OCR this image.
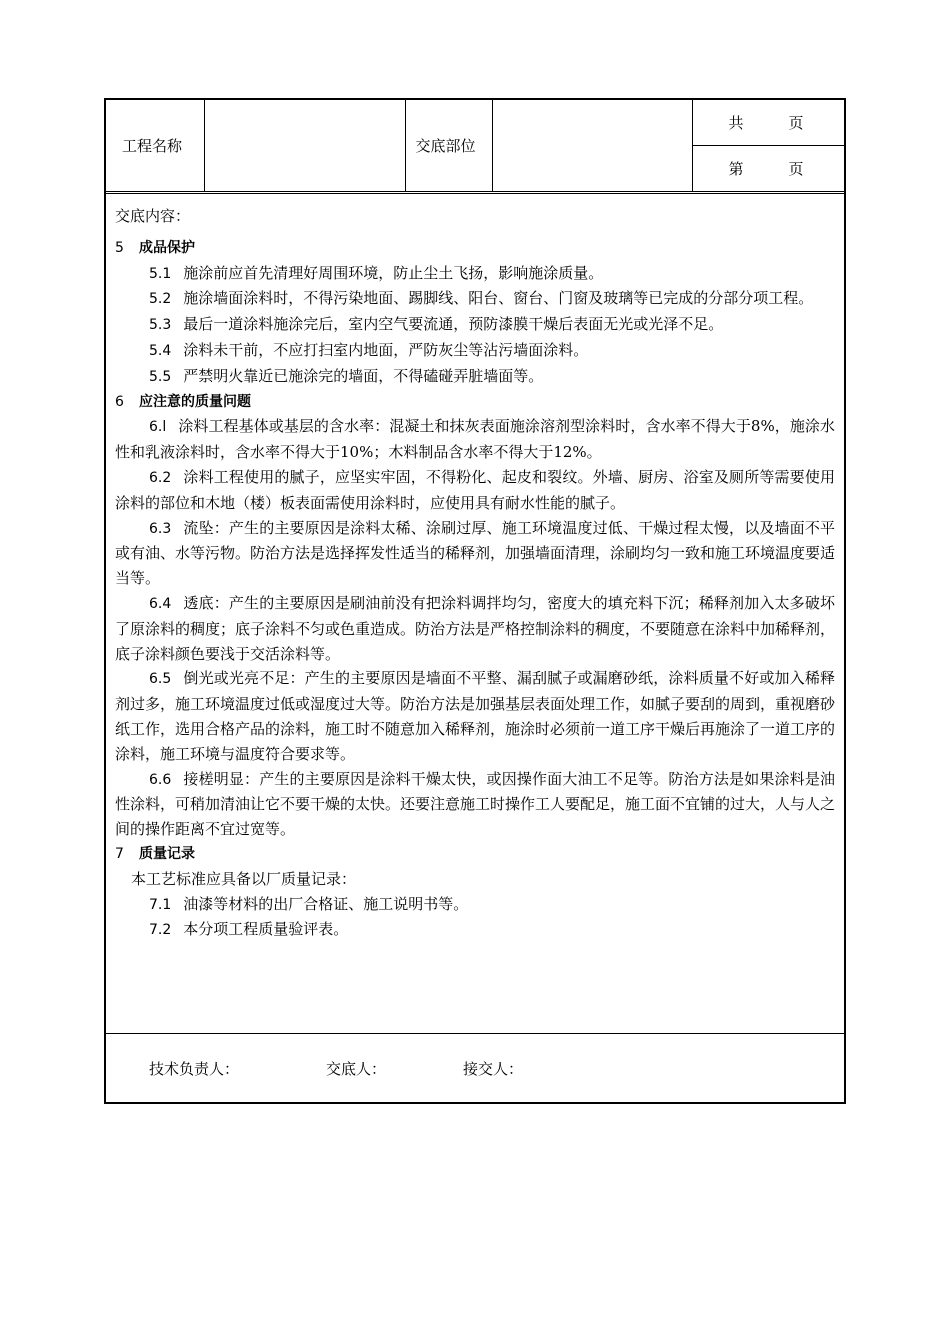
工程名称		交底部位		共　　　页
第　　　页

交底内容：

5 成品保护

5.1 施涂前应首先清理好周围环境，防止尘土飞扬，影响施涂质量。

5.2 施涂墙面涂料时，不得污染地面、踢脚线、阳台、窗台、门窗及玻璃等已完成的分部分项工程。

5.3 最后一道涂料施涂完后，室内空气要流通，预防漆膜干燥后表面无光或光泽不足。

5.4 涂料未干前，不应打扫室内地面，严防灰尘等沾污墙面涂料。

5.5 严禁明火靠近已施涂完的墙面，不得磕碰弄脏墙面等。

6 应注意的质量问题

6.l 涂料工程基体或基层的含水率：混凝土和抹灰表面施涂溶剂型涂料时，含水率不得大于8%，施涂水性和乳液涂料时，含水率不得大于10%；木料制品含水率不得大于12%。

6.2 涂料工程使用的腻子，应坚实牢固，不得粉化、起皮和裂纹。外墙、厨房、浴室及厕所等需要使用涂料的部位和木地（楼）板表面需使用涂料时，应使用具有耐水性能的腻子。

6.3 流坠：产生的主要原因是涂料太稀、涂刷过厚、施工环境温度过低、干燥过程太慢，以及墙面不平或有油、水等污物。防治方法是选择挥发性适当的稀释剂，加强墙面清理，涂刷均匀一致和施工环境温度要适当等。

6.4 透底：产生的主要原因是刷油前没有把涂料调拌均匀，密度大的填充料下沉；稀释剂加入太多破坏了原涂料的稠度；底子涂料不匀或色重造成。防治方法是严格控制涂料的稠度，不要随意在涂料中加稀释剂，底子涂料颜色要浅于交活涂料等。

6.5 倒光或光亮不足：产生的主要原因是墙面不平整、漏刮腻子或漏磨砂纸，涂料质量不好或加入稀释剂过多，施工环境温度过低或湿度过大等。防治方法是加强基层表面处理工作，如腻子要刮的周到，重视磨砂纸工作，选用合格产品的涂料，施工时不随意加入稀释剂，施涂时必须前一道工序干燥后再施涂了一道工序的涂料，施工环境与温度符合要求等。

6.6 接槎明显：产生的主要原因是涂料干燥太快，或因操作面大油工不足等。防治方法是如果涂料是油性涂料，可稍加清油让它不要干燥的太快。还要注意施工时操作工人要配足，施工面不宜铺的过大，人与人之间的操作距离不宜过宽等。

7 质量记录

本工艺标准应具备以厂质量记录：

7.1 油漆等材料的出厂合格证、施工说明书等。

7.2 本分项工程质量验评表。

技术负责人：	交底人：	接交人：
